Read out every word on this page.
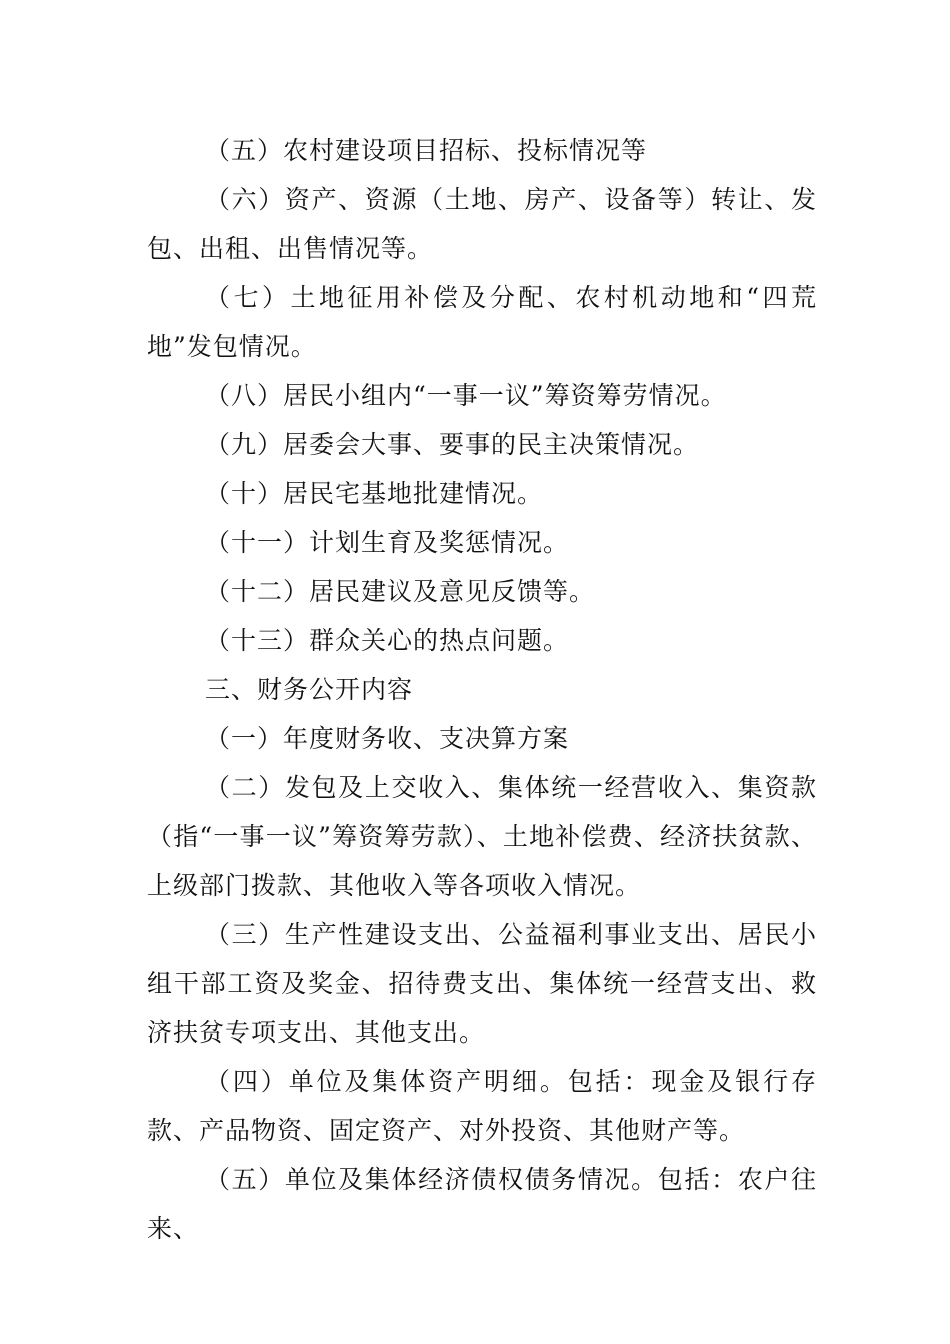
（五）农村建设项目招标、投标情况等

（六）资产、资源（土地、房产、设备等）转让、发包、出租、出售情况等。

（七）土地征用补偿及分配、农村机动地和“四荒地”发包情况。

（八）居民小组内“一事一议”筹资筹劳情况。

（九）居委会大事、要事的民主决策情况。

（十）居民宅基地批建情况。

（十一）计划生育及奖惩情况。

（十二）居民建议及意见反馈等。

（十三）群众关心的热点问题。

三、财务公开内容

（一）年度财务收、支决算方案

（二）发包及上交收入、集体统一经营收入、集资款（指“一事一议”筹资筹劳款）、土地补偿费、经济扶贫款、上级部门拨款、其他收入等各项收入情况。

（三）生产性建设支出、公益福利事业支出、居民小组干部工资及奖金、招待费支出、集体统一经营支出、救济扶贫专项支出、其他支出。

（四）单位及集体资产明细。包括：现金及银行存款、产品物资、固定资产、对外投资、其他财产等。

（五）单位及集体经济债权债务情况。包括：农户往来、
